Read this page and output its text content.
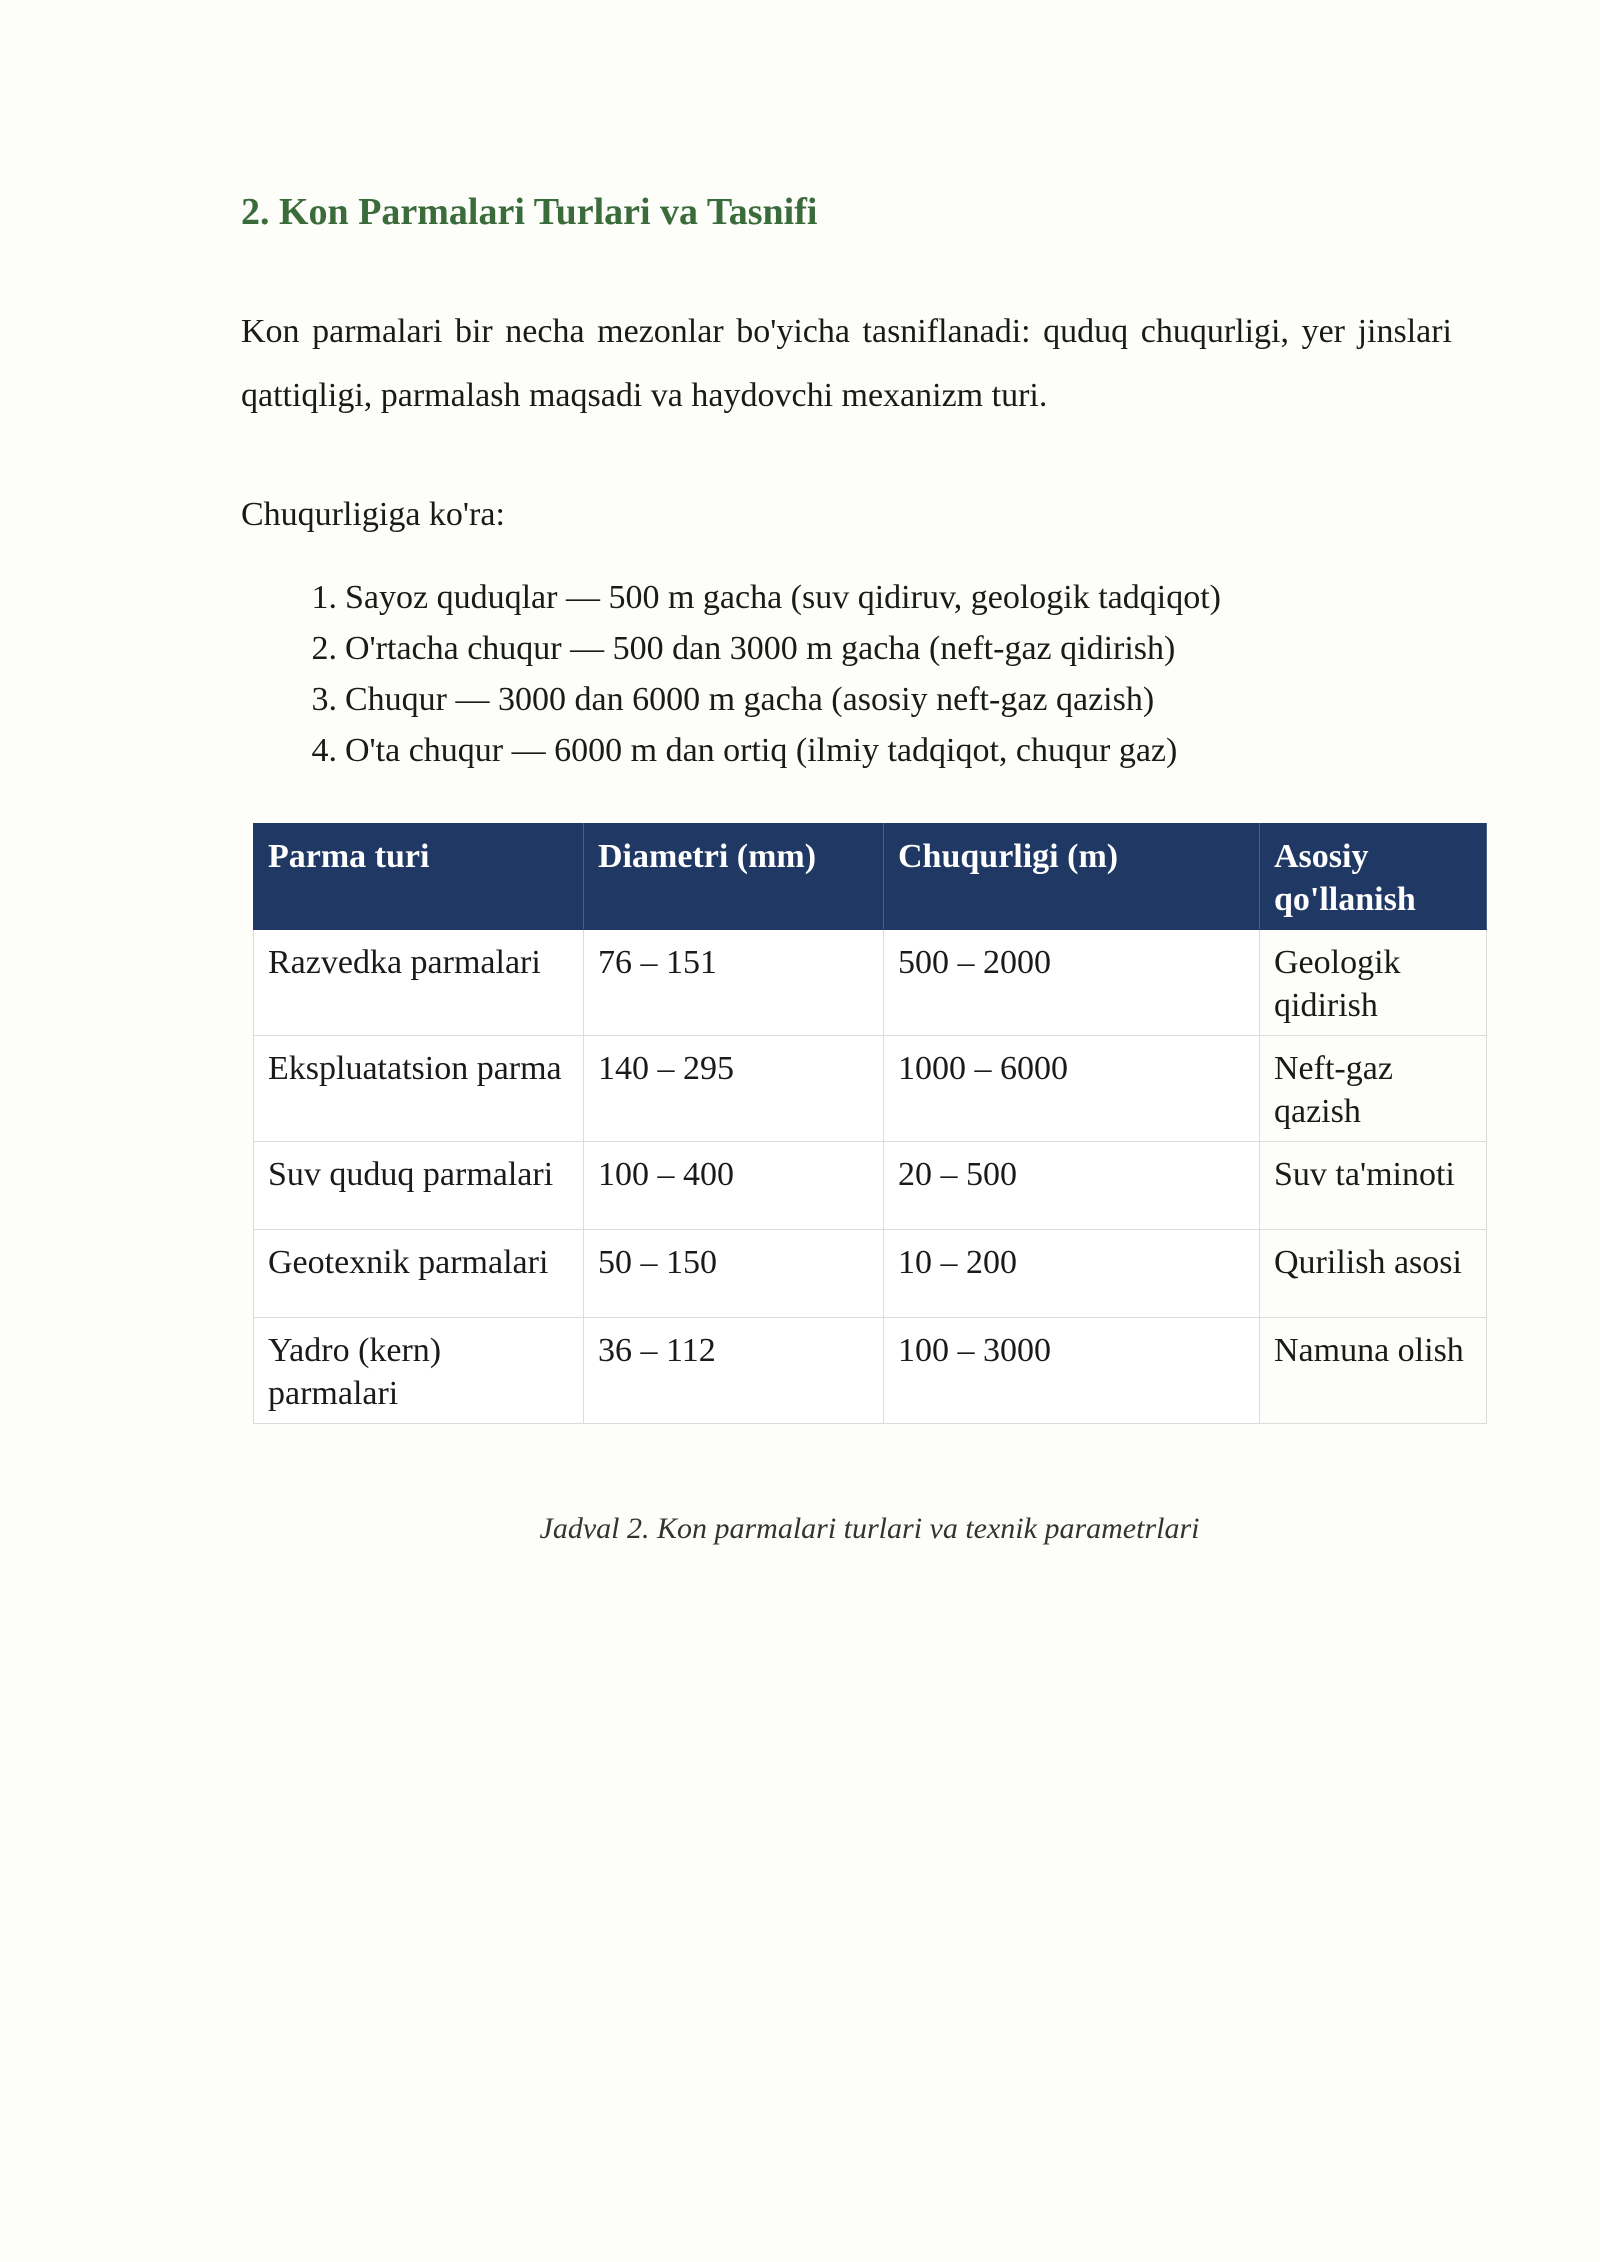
2. Kon Parmalari Turlari va Tasnifi

Kon parmalari bir necha mezonlar bo'yicha tasniflanadi: quduq chuqurligi, yer jinslari qattiqligi, parmalash maqsadi va haydovchi mexanizm turi.

Chuqurligiga ko'ra:

1. Sayoz quduqlar — 500 m gacha (suv qidiruv, geologik tadqiqot)
2. O'rtacha chuqur — 500 dan 3000 m gacha (neft-gaz qidirish)
3. Chuqur — 3000 dan 6000 m gacha (asosiy neft-gaz qazish)
4. O'ta chuqur — 6000 m dan ortiq (ilmiy tadqiqot, chuqur gaz)
Parma turi	Diametri (mm)	Chuqurligi (m)	Asosiy qo'llanish
Razvedka parmalari	76 – 151	500 – 2000	Geologik qidirish
Ekspluatatsion parma	140 – 295	1000 – 6000	Neft-gaz qazish
Suv quduq parmalari	100 – 400	20 – 500	Suv ta'minoti
Geotexnik parmalari	50 – 150	10 – 200	Qurilish asosi
Yadro (kern) parmalari	36 – 112	100 – 3000	Namuna olish

Jadval 2. Kon parmalari turlari va texnik parametrlari
